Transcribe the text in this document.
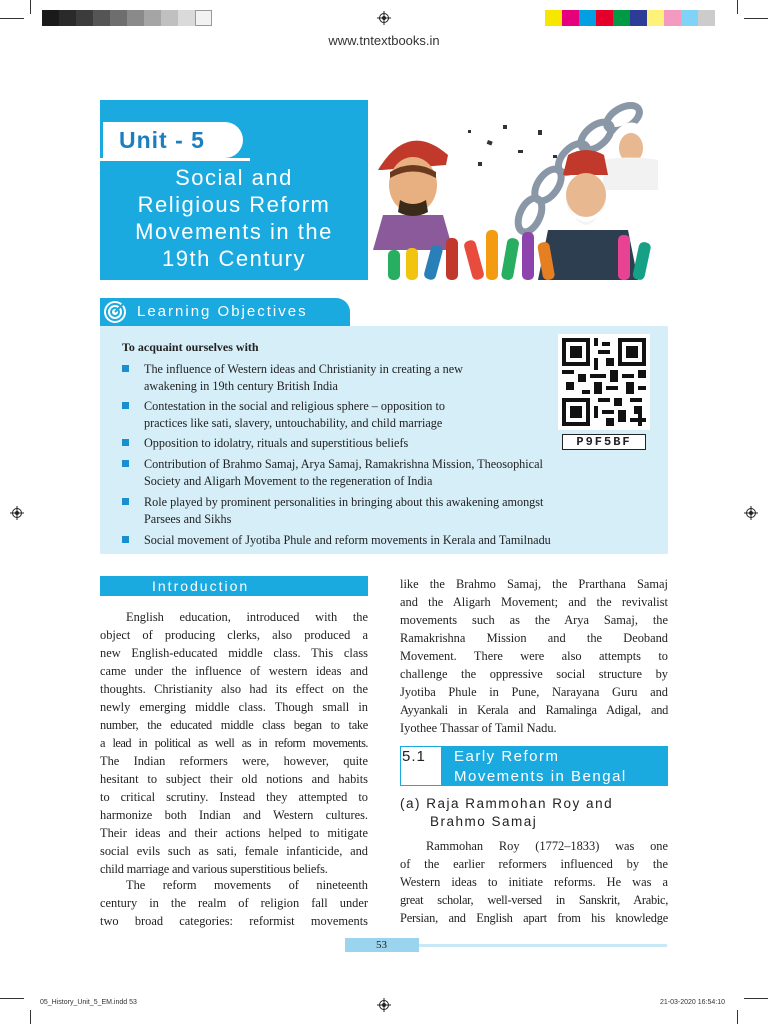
www.tntextbooks.in
Unit - 5
Social and
Religious Reform
Movements in the
19th Century
Learning Objectives
To acquaint ourselves with
The influence of Western ideas and Christianity in creating a new
awakening in 19th century British India
Contestation in the social and religious sphere – opposition to
practices like sati, slavery, untouchability, and child marriage
Opposition to idolatry, rituals and superstitious beliefs
Contribution of Brahmo Samaj, Arya Samaj, Ramakrishna Mission, Theosophical
Society and Aligarh Movement to the regeneration of India
Role played by prominent personalities in bringing about this awakening amongst
Parsees and Sikhs
Social movement of Jyotiba Phule and reform movements in Kerala and Tamilnadu
P9F5BF
Introduction
English education, introduced with the
object of producing clerks, also produced a
new English-educated middle class. This class
came under the influence of western ideas and
thoughts. Christianity also had its effect on the
newly emerging middle class. Though small in
number, the educated middle class began to take
a lead in political as well as in reform movements.
The Indian reformers were, however, quite
hesitant to subject their old notions and habits
to critical scrutiny. Instead they attempted to
harmonize both Indian and Western cultures.
Their ideas and their actions helped to mitigate
social evils such as sati, female infanticide, and
child marriage and various superstitious beliefs.
The reform movements of nineteenth
century in the realm of religion fall under
two broad categories: reformist movements
like the Brahmo Samaj, the Prarthana Samaj
and the Aligarh Movement; and the revivalist
movements such as the Arya Samaj, the
Ramakrishna Mission and the Deoband
Movement. There were also attempts to
challenge the oppressive social structure by
Jyotiba Phule in Pune, Narayana Guru and
Ayyankali in Kerala and Ramalinga Adigal, and
Iyothee Thassar of Tamil Nadu.
5.1 Early Reform
Movements in Bengal
(a) Raja Rammohan Roy and
Brahmo Samaj
Rammohan Roy (1772–1833) was one
of the earlier reformers influenced by the
Western ideas to initiate reforms. He was a
great scholar, well-versed in Sanskrit, Arabic,
Persian, and English apart from his knowledge
53
05_History_Unit_5_EM.indd 53	21-03-2020 16:54:10
